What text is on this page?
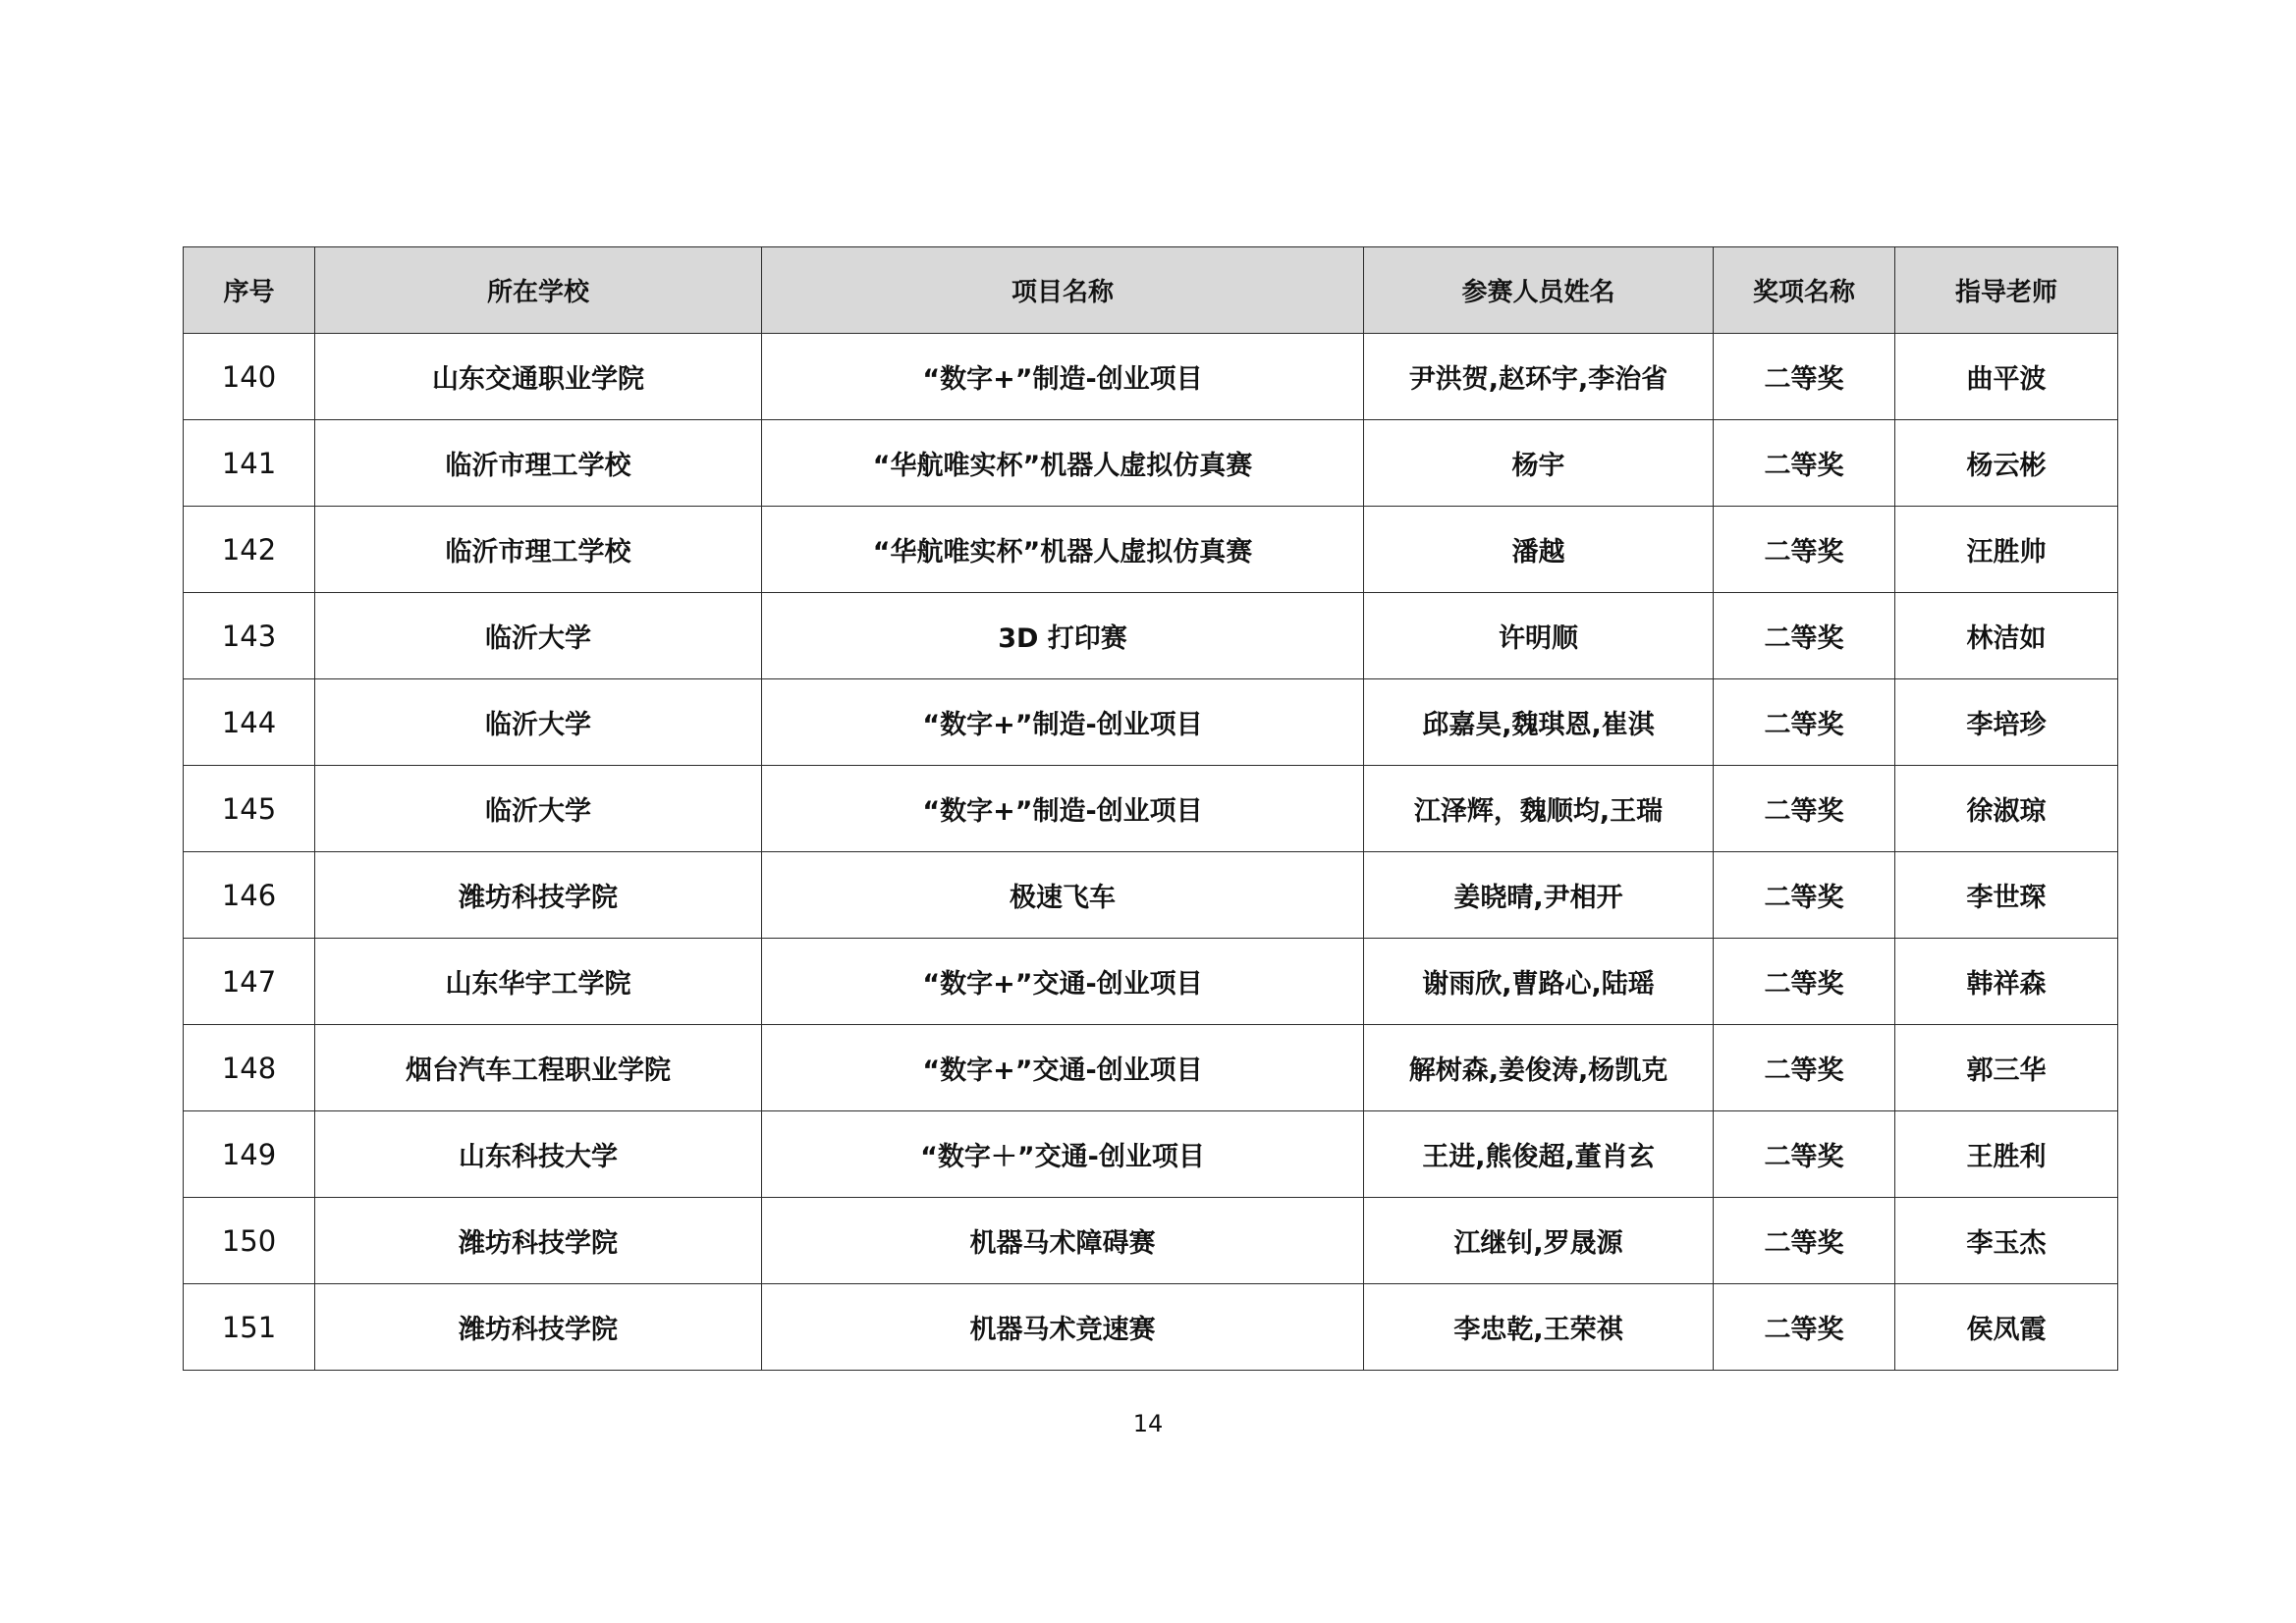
序号	所在学校	项目名称	参赛人员姓名	奖项名称	指导老师
140	山东交通职业学院	“数字+”制造-创业项目	尹洪贺,赵环宇,李治省	二等奖	曲平波
141	临沂市理工学校	“华航唯实杯”机器人虚拟仿真赛	杨宇	二等奖	杨云彬
142	临沂市理工学校	“华航唯实杯”机器人虚拟仿真赛	潘越	二等奖	汪胜帅
143	临沂大学	3D 打印赛	许明顺	二等奖	林洁如
144	临沂大学	“数字+”制造-创业项目	邱嘉昊,魏琪恩,崔淇	二等奖	李培珍
145	临沂大学	“数字+”制造-创业项目	江泽辉，魏顺均,王瑞	二等奖	徐淑琼
146	潍坊科技学院	极速飞车	姜晓晴,尹相开	二等奖	李世琛
147	山东华宇工学院	“数字+”交通-创业项目	谢雨欣,曹路心,陆瑶	二等奖	韩祥森
148	烟台汽车工程职业学院	“数字+”交通-创业项目	解树森,姜俊涛,杨凯克	二等奖	郭三华
149	山东科技大学	“数字＋”交通-创业项目	王进,熊俊超,董肖玄	二等奖	王胜利
150	潍坊科技学院	机器马术障碍赛	江继钊,罗晟源	二等奖	李玉杰
151	潍坊科技学院	机器马术竞速赛	李忠乾,王荣祺	二等奖	侯凤霞
14
